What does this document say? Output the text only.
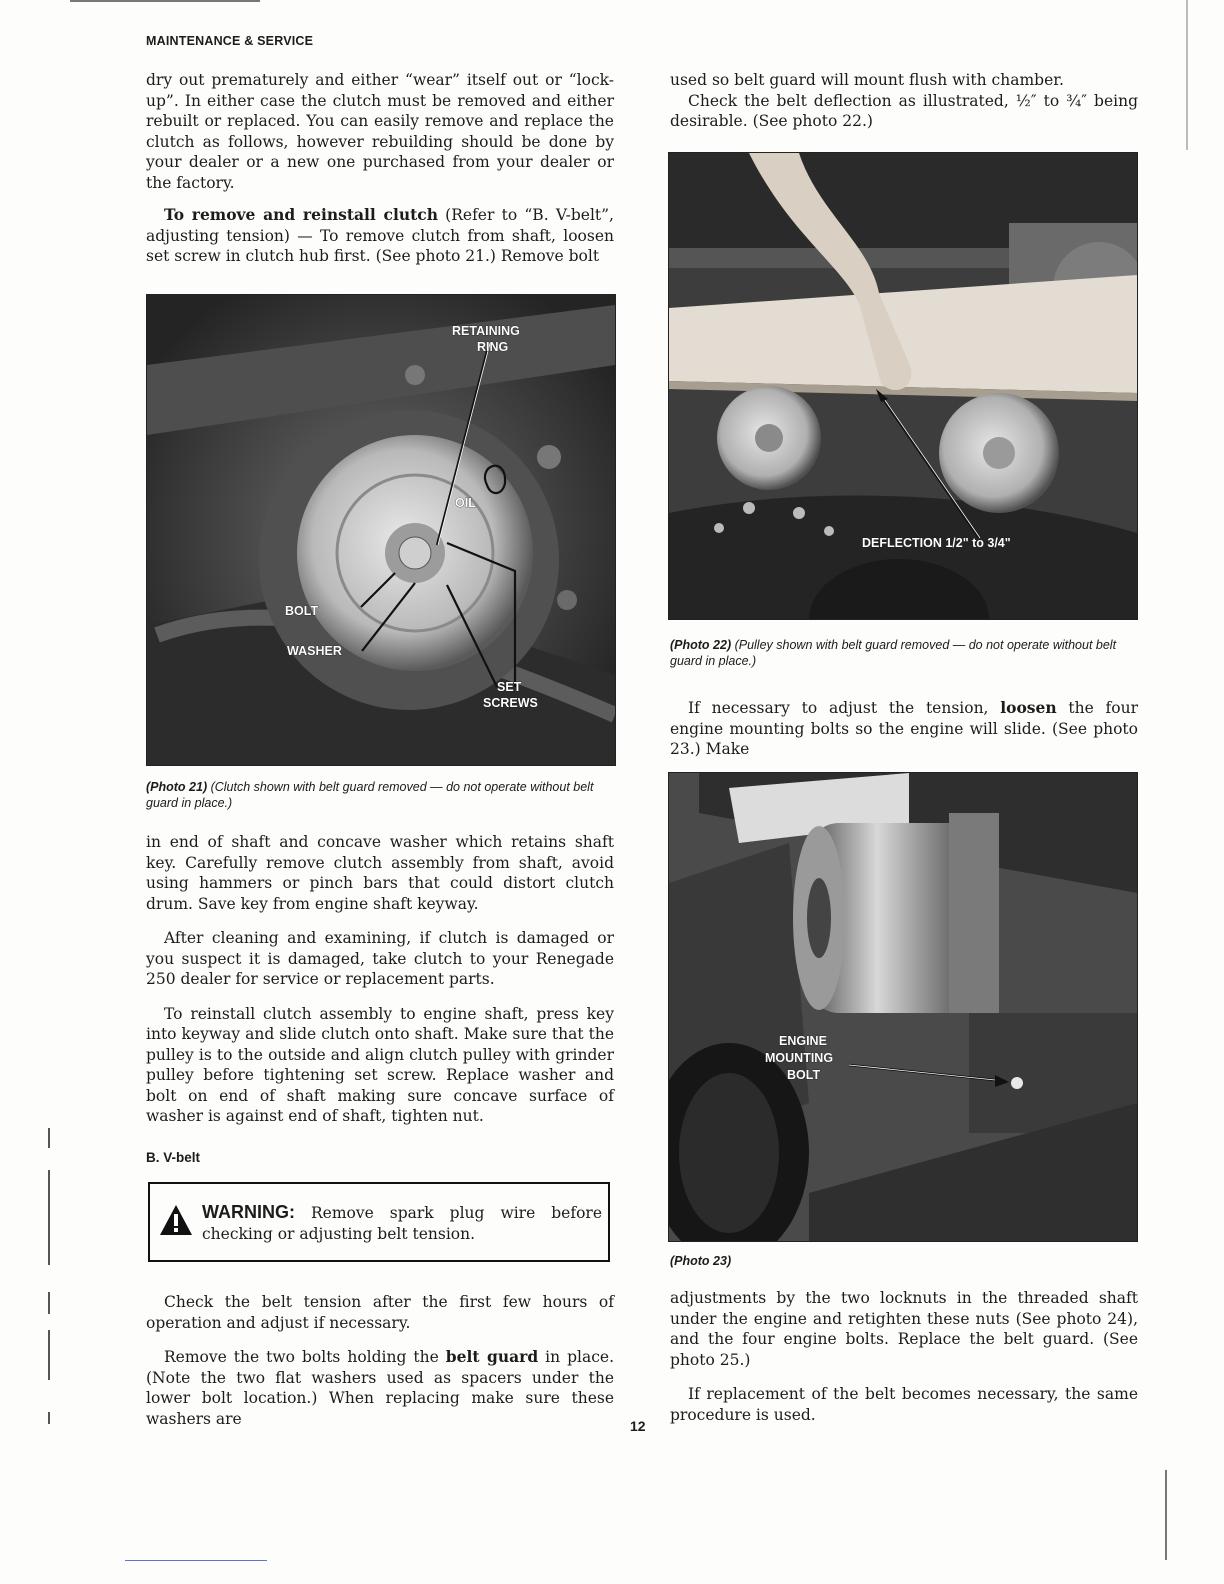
MAINTENANCE & SERVICE

dry out prematurely and either “wear” itself out or “lock-up”. In either case the clutch must be removed and either rebuilt or replaced. You can easily remove and replace the clutch as follows, however rebuilding should be done by your dealer or a new one purchased from your dealer or the factory.

To remove and reinstall clutch (Refer to “B. V-belt”, adjusting tension) — To remove clutch from shaft, loosen set screw in clutch hub first. (See photo 21.) Remove bolt

RETAINING
RING
OIL
BOLT
WASHER
SET
SCREWS
(Photo 21) (Clutch shown with belt guard removed — do not operate without belt guard in place.)

in end of shaft and concave washer which retains shaft key. Carefully remove clutch assembly from shaft, avoid using hammers or pinch bars that could distort clutch drum. Save key from engine shaft keyway.

After cleaning and examining, if clutch is damaged or you suspect it is damaged, take clutch to your Renegade 250 dealer for service or replacement parts.

To reinstall clutch assembly to engine shaft, press key into keyway and slide clutch onto shaft. Make sure that the pulley is to the outside and align clutch pulley with grinder pulley before tightening set screw. Replace washer and bolt on end of shaft making sure concave surface of washer is against end of shaft, tighten nut.

B. V-belt
WARNING: Remove spark plug wire before checking or adjusting belt tension.

Check the belt tension after the first few hours of operation and adjust if necessary.

Remove the two bolts holding the belt guard in place. (Note the two flat washers used as spacers under the lower bolt location.) When replacing make sure these washers are

used so belt guard will mount flush with chamber.

Check the belt deflection as illustrated, ½″ to ¾″ being desirable. (See photo 22.)

DEFLECTION 1/2" to 3/4"
(Photo 22) (Pulley shown with belt guard removed — do not operate without belt guard in place.)

If necessary to adjust the tension, loosen the four engine mounting bolts so the engine will slide. (See photo 23.) Make

ENGINE
MOUNTING
BOLT
(Photo 23)

adjustments by the two locknuts in the threaded shaft under the engine and retighten these nuts (See photo 24), and the four engine bolts. Replace the belt guard. (See photo 25.)

If replacement of the belt becomes necessary, the same procedure is used.

12
